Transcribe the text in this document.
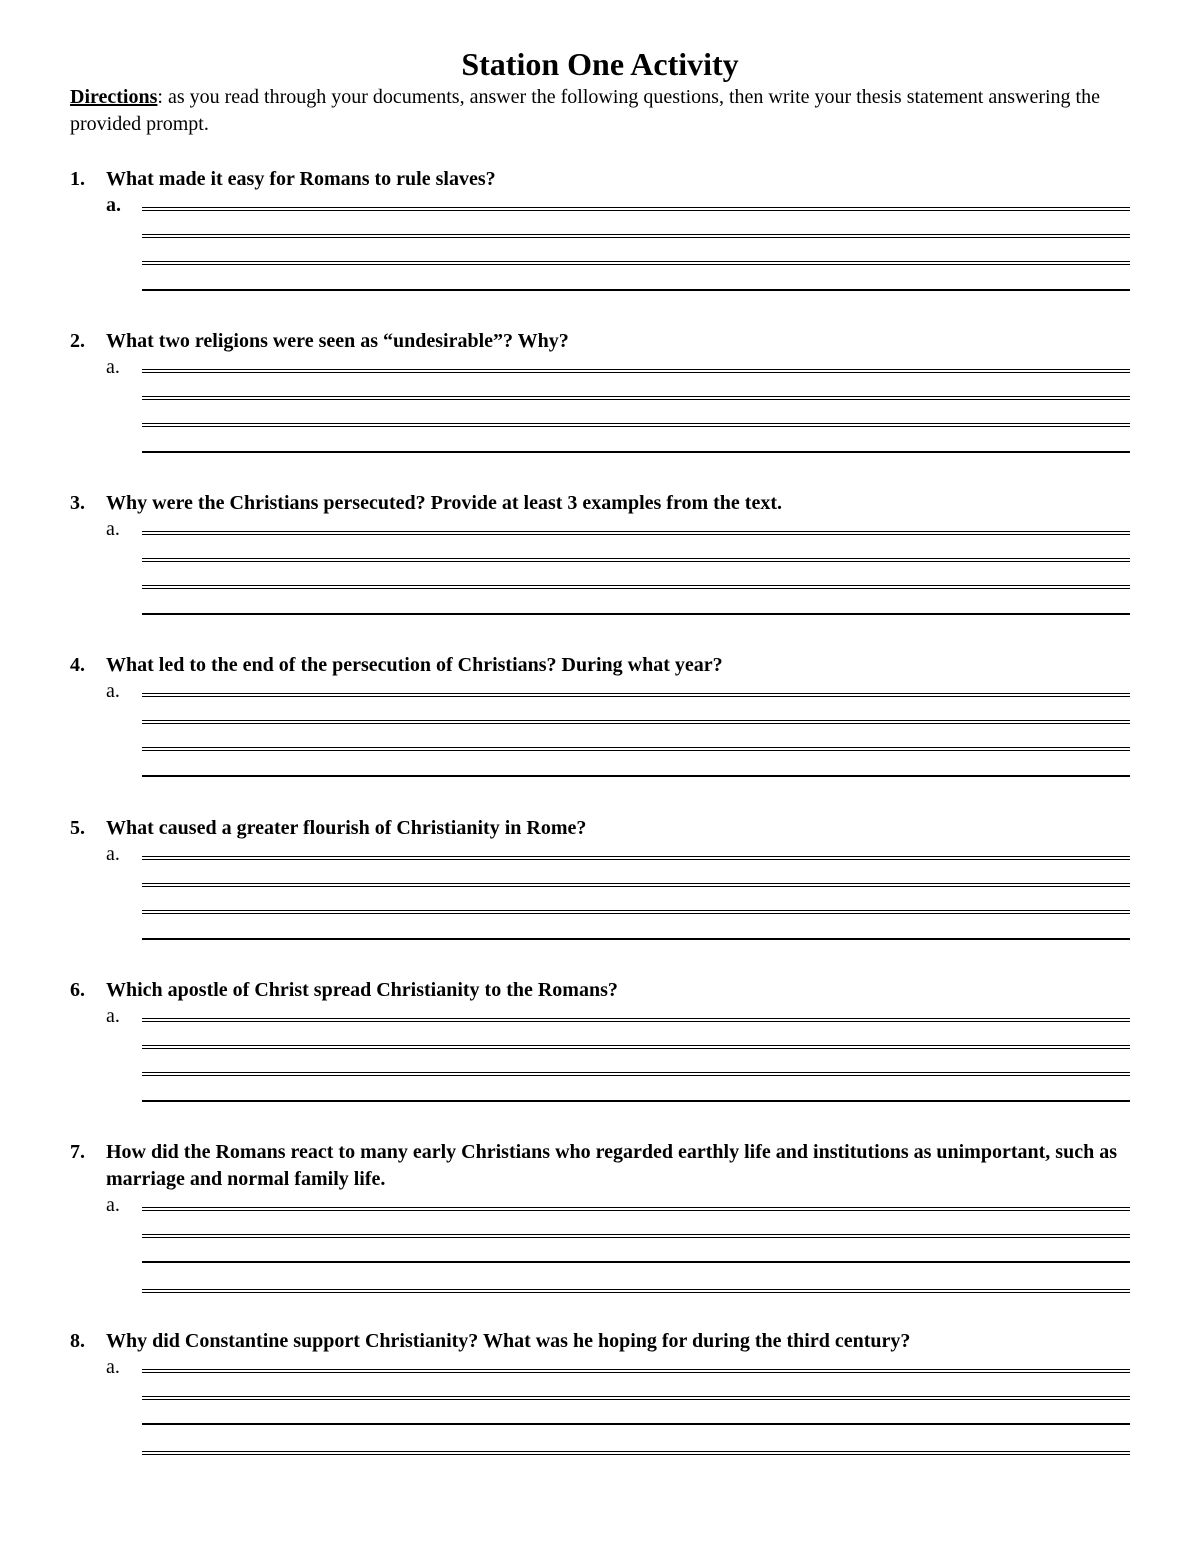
Station One Activity
Directions: as you read through your documents, answer the following questions, then write your thesis statement answering the provided prompt.
1.	What made it easy for Romans to rule slaves?
a.
2.	What two religions were seen as “undesirable”? Why?
a.
3.	Why were the Christians persecuted? Provide at least 3 examples from the text.
a.
4.	What led to the end of the persecution of Christians? During what year?
a.
5.	What caused a greater flourish of Christianity in Rome?
a.
6.	Which apostle of Christ spread Christianity to the Romans?
a.
7.	How did the Romans react to many early Christians who regarded earthly life and institutions as unimportant, such as marriage and normal family life.
a.
8.	Why did Constantine support Christianity? What was he hoping for during the third century?
a.
